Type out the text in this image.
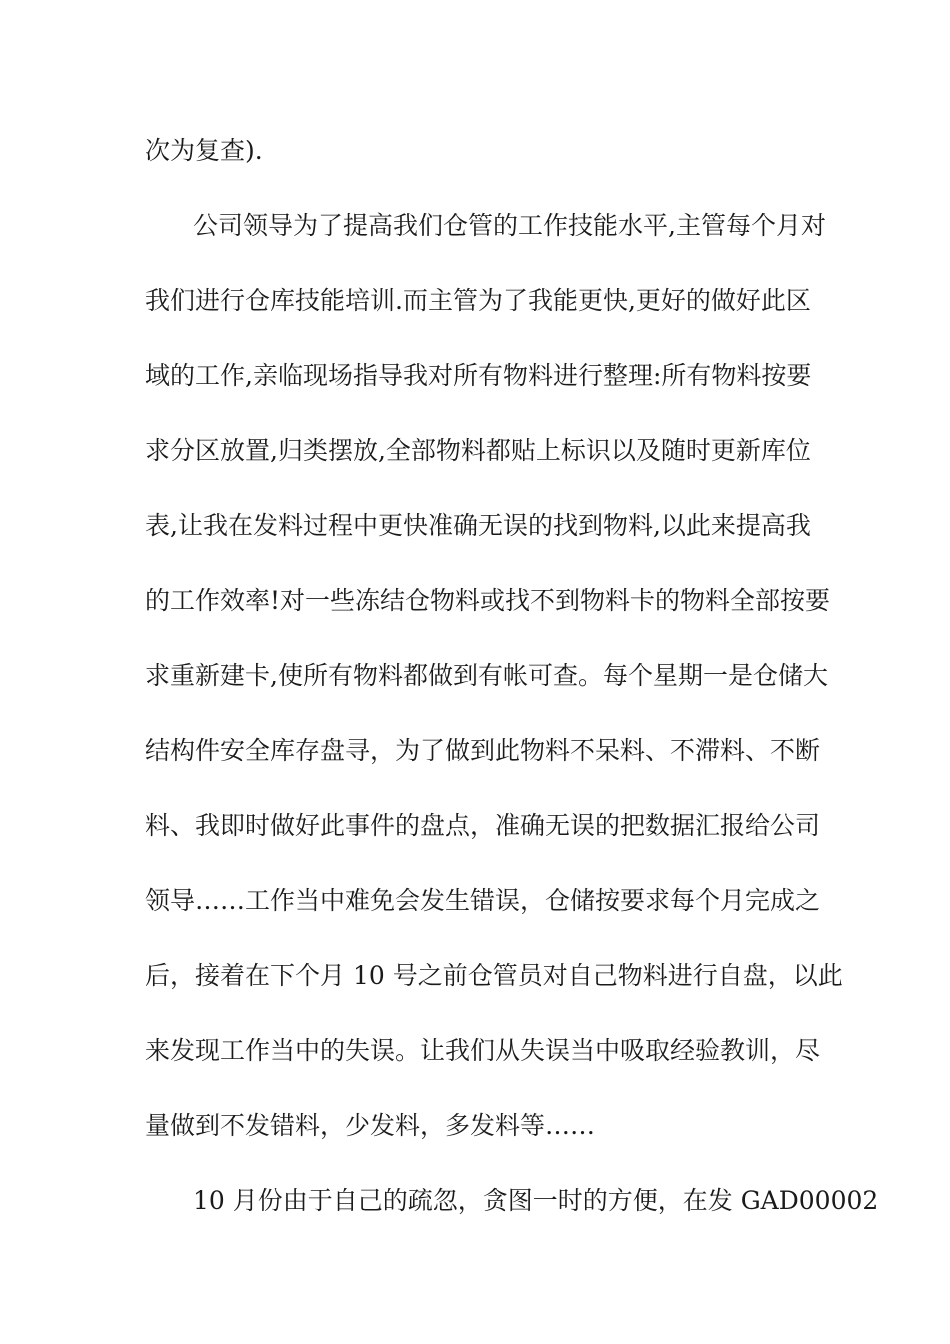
次为复查).
公司领导为了提高我们仓管的工作技能水平,主管每个月对
我们进行仓库技能培训.而主管为了我能更快,更好的做好此区
域的工作,亲临现场指导我对所有物料进行整理:所有物料按要
求分区放置,归类摆放,全部物料都贴上标识以及随时更新库位
表,让我在发料过程中更快准确无误的找到物料,以此来提高我
的工作效率!对一些冻结仓物料或找不到物料卡的物料全部按要
求重新建卡,使所有物料都做到有帐可查。每个星期一是仓储大
结构件安全库存盘寻，为了做到此物料不呆料、不滞料、不断
料、我即时做好此事件的盘点，准确无误的把数据汇报给公司
领导……工作当中难免会发生错误，仓储按要求每个月完成之
后，接着在下个月 10 号之前仓管员对自己物料进行自盘，以此
来发现工作当中的失误。让我们从失误当中吸取经验教训，尽
量做到不发错料，少发料，多发料等……
10 月份由于自己的疏忽，贪图一时的方便，在发 GAD00002
